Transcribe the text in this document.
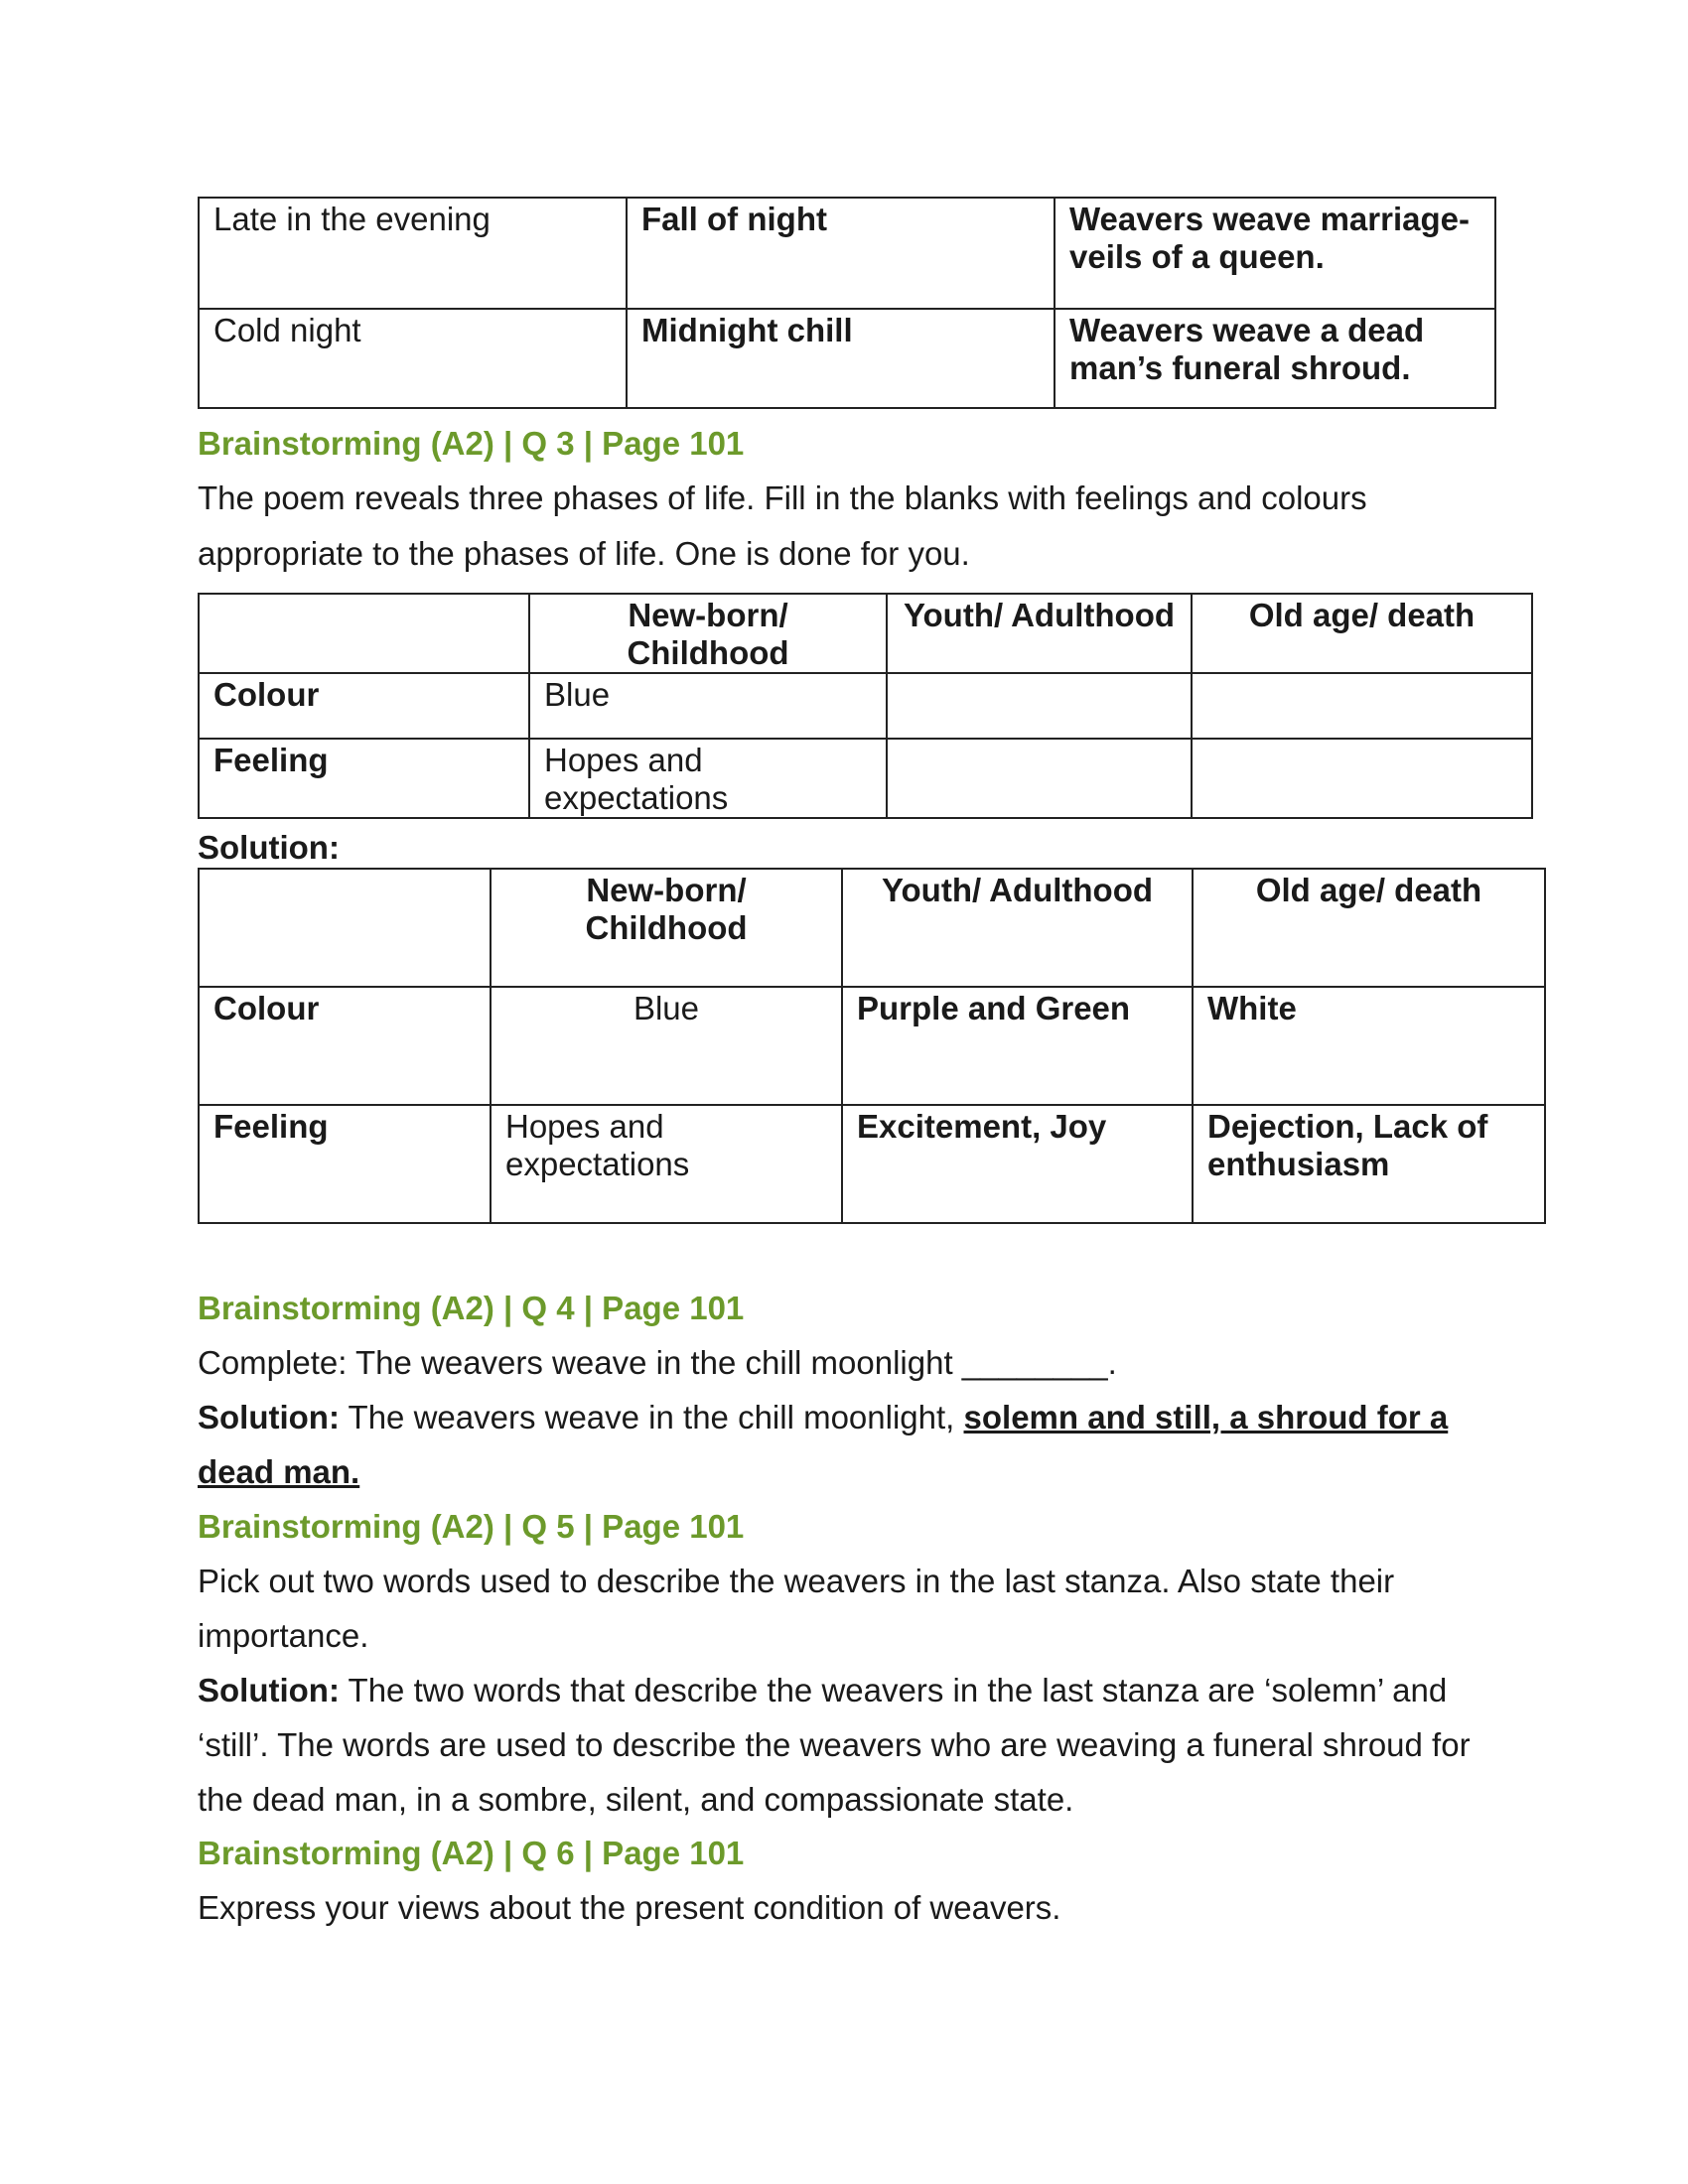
Late in the evening	Fall of night	Weavers weave marriage-veils of a queen.
Cold night	Midnight chill	Weavers weave a dead man’s funeral shroud.
Brainstorming (A2) | Q 3 | Page 101
The poem reveals three phases of life. Fill in the blanks with feelings and colours
appropriate to the phases of life. One is done for you.
	New-born/ Childhood	Youth/ Adulthood	Old age/ death
Colour	Blue		
Feeling	Hopes and expectations		
Solution:
	New-born/ Childhood	Youth/ Adulthood	Old age/ death
Colour	Blue	Purple and Green	White
Feeling	Hopes and expectations	Excitement, Joy	Dejection, Lack of enthusiasm
Brainstorming (A2) | Q 4 | Page 101
Complete: The weavers weave in the chill moonlight ________.
Solution: The weavers weave in the chill moonlight, solemn and still, a shroud for a
dead man.
Brainstorming (A2) | Q 5 | Page 101
Pick out two words used to describe the weavers in the last stanza. Also state their
importance.
Solution: The two words that describe the weavers in the last stanza are ‘solemn’ and
‘still’. The words are used to describe the weavers who are weaving a funeral shroud for
the dead man, in a sombre, silent, and compassionate state.
Brainstorming (A2) | Q 6 | Page 101
Express your views about the present condition of weavers.
